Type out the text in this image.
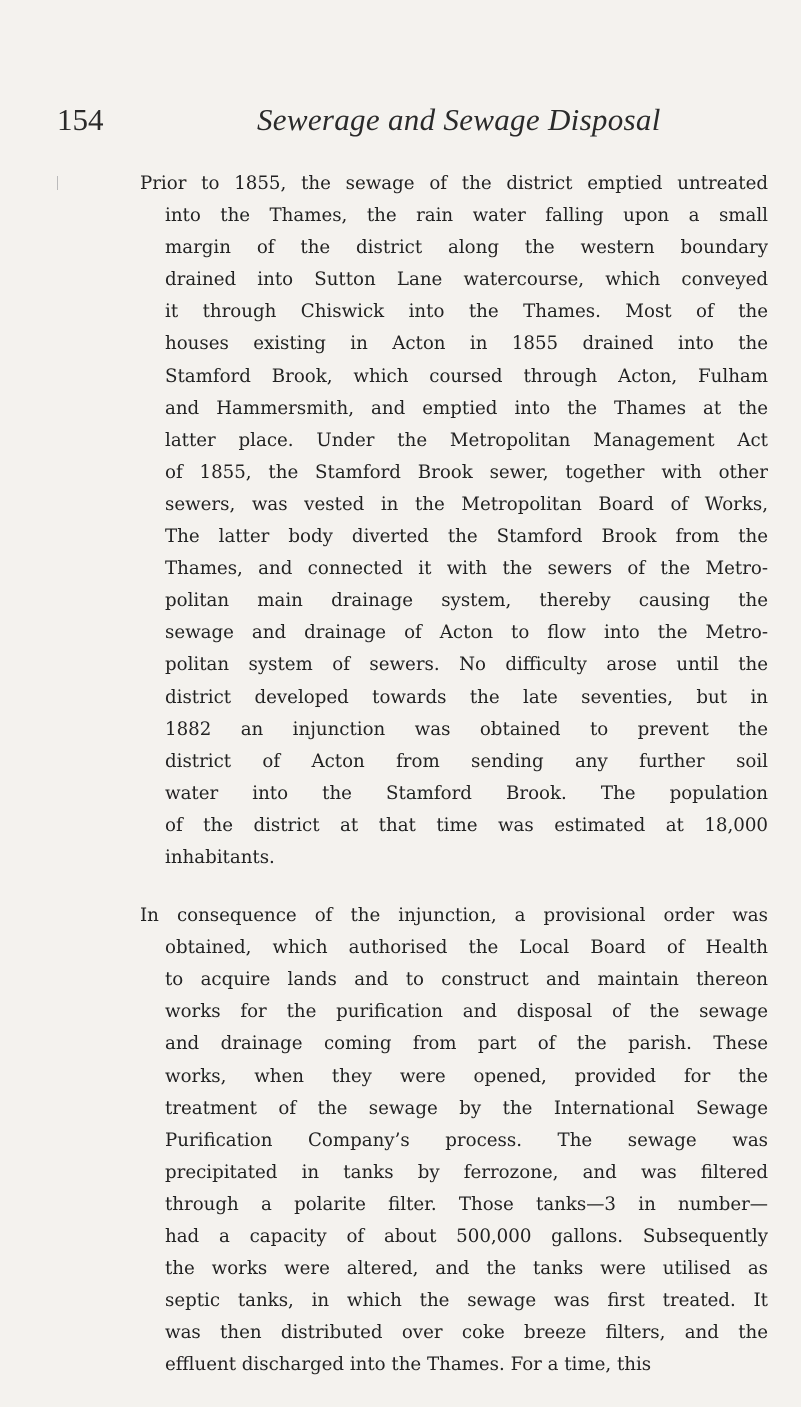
154	Sewerage and Sewage Disposal
Prior to 1855, the sewage of the district emptied untreated
into the Thames, the rain water falling upon a small
margin of the district along the western boundary
drained into Sutton Lane watercourse, which conveyed
it through Chiswick into the Thames. Most of the
houses existing in Acton in 1855 drained into the
Stamford Brook, which coursed through Acton, Fulham
and Hammersmith, and emptied into the Thames at the
latter place. Under the Metropolitan Management Act
of 1855, the Stamford Brook sewer, together with other
sewers, was vested in the Metropolitan Board of Works,
The latter body diverted the Stamford Brook from the
Thames, and connected it with the sewers of the Metro-
politan main drainage system, thereby causing the
sewage and drainage of Acton to flow into the Metro-
politan system of sewers. No difficulty arose until the
district developed towards the late seventies, but in
1882 an injunction was obtained to prevent the
district of Acton from sending any further soil
water into the Stamford Brook. The population
of the district at that time was estimated at 18,000
inhabitants.
In consequence of the injunction, a provisional order was
obtained, which authorised the Local Board of Health
to acquire lands and to construct and maintain thereon
works for the purification and disposal of the sewage
and drainage coming from part of the parish. These
works, when they were opened, provided for the
treatment of the sewage by the International Sewage
Purification Company’s process. The sewage was
precipitated in tanks by ferrozone, and was filtered
through a polarite filter. Those tanks—3 in number—
had a capacity of about 500,000 gallons. Subsequently
the works were altered, and the tanks were utilised as
septic tanks, in which the sewage was first treated. It
was then distributed over coke breeze filters, and the
effluent discharged into the Thames. For a time, this
